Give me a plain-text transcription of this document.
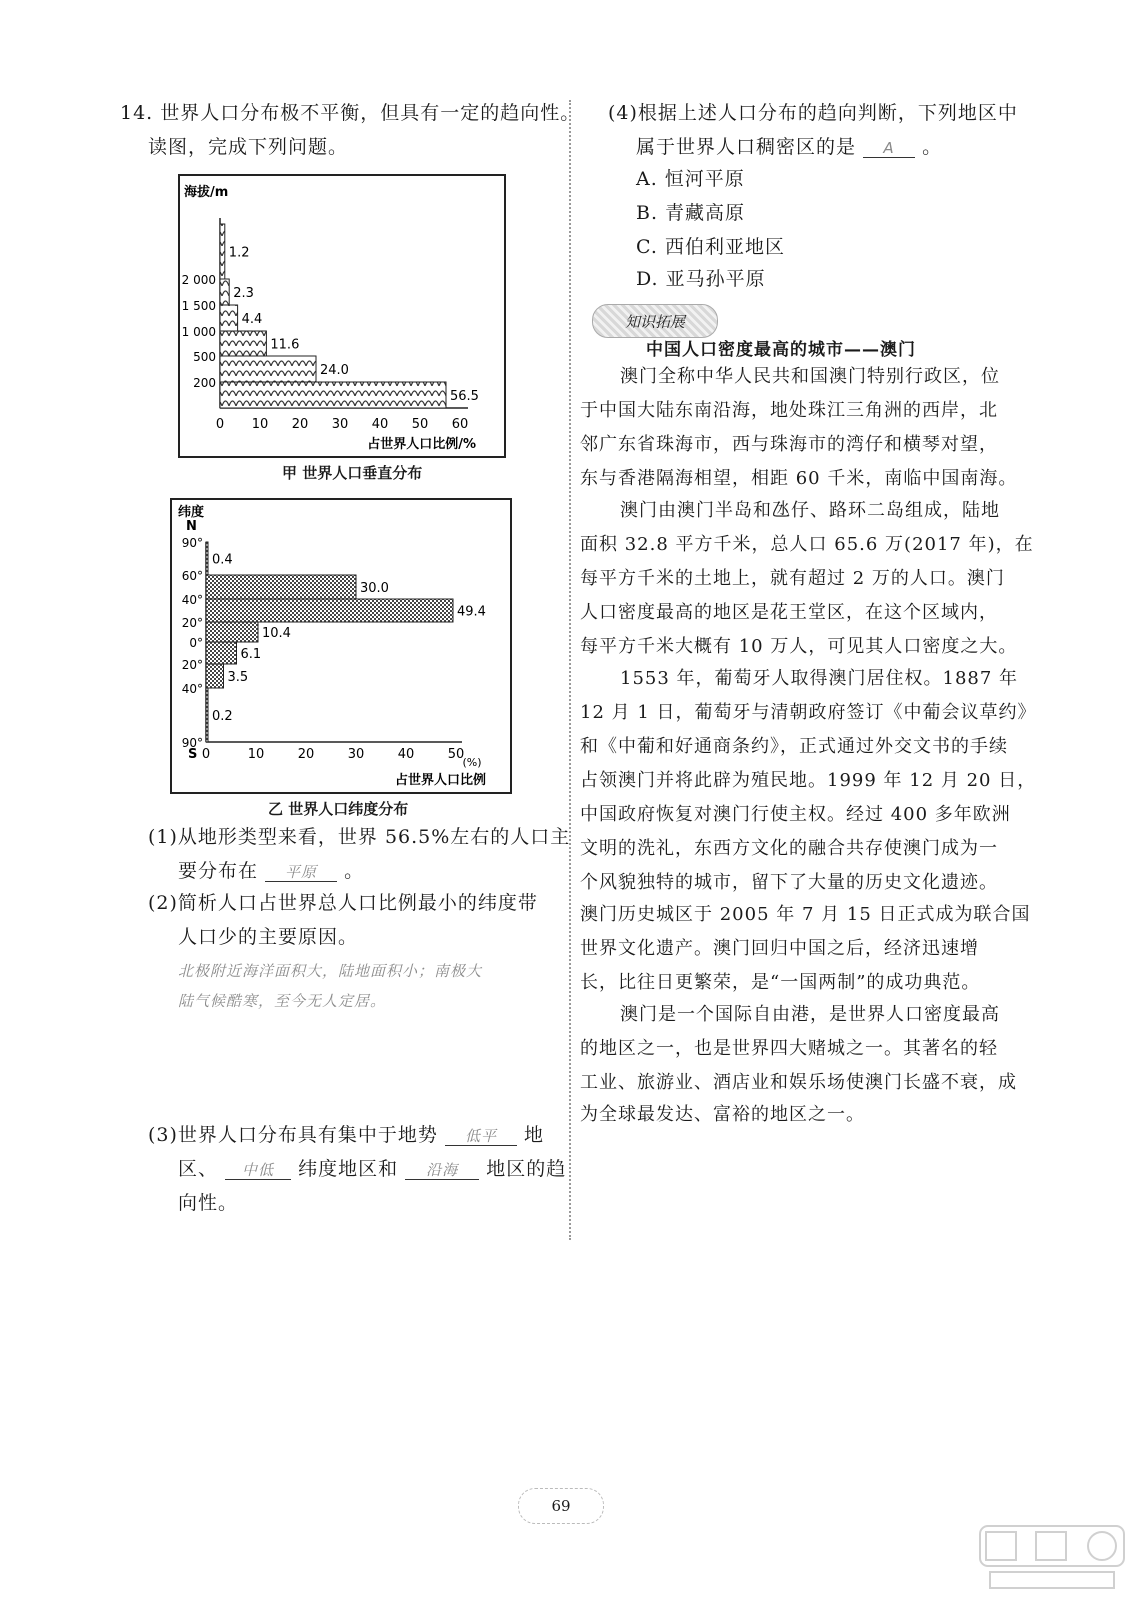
14. 世界人口分布极不平衡，但具有一定的趋向性。
读图，完成下列问题。
海拔/m
56.5
24.0
11.6
4.4
2.3
1.2
200
500
1 000
1 500
2 000
0 10 20 30 40 50 60
占世界人口比例/%
甲 世界人口垂直分布
纬度
N
0.4
30.0
49.4
10.4
6.1
3.5
0.2
90°
60°
40°
20°
0°
20°
40°
90°
S 0	10	20	30	40	50
(%)
占世界人口比例
乙 世界人口纬度分布
(1)从地形类型来看，世界 56.5%左右的人口主
要分布在 平原 。
(2)简析人口占世界总人口比例最小的纬度带
人口少的主要原因。
北极附近海洋面积大，陆地面积小；南极大
陆气候酷寒，至今无人定居。
(3)世界人口分布具有集中于地势 低平 地
区、 中低 纬度地区和 沿海 地区的趋
向性。
(4)根据上述人口分布的趋向判断，下列地区中
属于世界人口稠密区的是 A 。
A. 恒河平原
B. 青藏高原
C. 西伯利亚地区
D. 亚马孙平原
知识拓展
中国人口密度最高的城市——澳门
澳门全称中华人民共和国澳门特别行政区，位
于中国大陆东南沿海，地处珠江三角洲的西岸，北
邻广东省珠海市，西与珠海市的湾仔和横琴对望，
东与香港隔海相望，相距 60 千米，南临中国南海。
澳门由澳门半岛和氹仔、路环二岛组成，陆地
面积 32.8 平方千米，总人口 65.6 万(2017 年)，在
每平方千米的土地上，就有超过 2 万的人口。澳门
人口密度最高的地区是花王堂区，在这个区域内，
每平方千米大概有 10 万人，可见其人口密度之大。
1553 年，葡萄牙人取得澳门居住权。1887 年
12 月 1 日，葡萄牙与清朝政府签订《中葡会议草约》
和《中葡和好通商条约》，正式通过外交文书的手续
占领澳门并将此辟为殖民地。1999 年 12 月 20 日，
中国政府恢复对澳门行使主权。经过 400 多年欧洲
文明的洗礼，东西方文化的融合共存使澳门成为一
个风貌独特的城市，留下了大量的历史文化遗迹。
澳门历史城区于 2005 年 7 月 15 日正式成为联合国
世界文化遗产。澳门回归中国之后，经济迅速增
长，比往日更繁荣，是“一国两制”的成功典范。
澳门是一个国际自由港，是世界人口密度最高
的地区之一，也是世界四大赌城之一。其著名的轻
工业、旅游业、酒店业和娱乐场使澳门长盛不衰，成
为全球最发达、富裕的地区之一。
69
